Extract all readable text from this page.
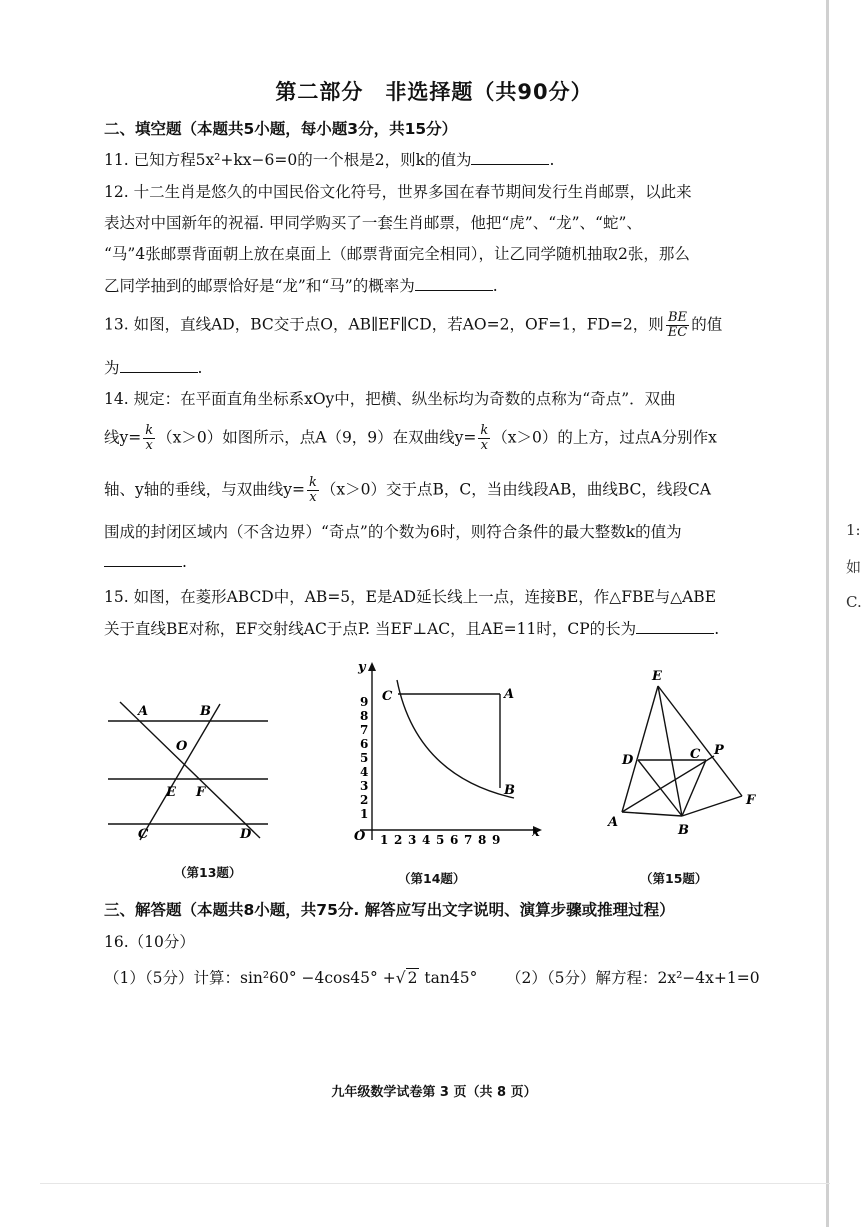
第二部分　非选择题（共90分）
二、填空题（本题共5小题，每小题3分，共15分）
11. 已知方程5x²+kx−6=0的一个根是2，则k的值为	.
12. 十二生肖是悠久的中国民俗文化符号，世界多国在春节期间发行生肖邮票，以此来
表达对中国新年的祝福. 甲同学购买了一套生肖邮票，他把“虎”、“龙”、“蛇”、
“马”4张邮票背面朝上放在桌面上（邮票背面完全相同），让乙同学随机抽取2张，那么
乙同学抽到的邮票恰好是“龙”和“马”的概率为	.
13. 如图，直线AD，BC交于点O，AB∥EF∥CD，若AO=2，OF=1，FD=2，则 $\frac{BE}{EC}$ 的值
为	.
14. 规定：在平面直角坐标系xOy中，把横、纵坐标均为奇数的点称为“奇点”．双曲
线$y= \frac{k}{x} (x>0)$如图所示，点A（9，9）在双曲线$y= \frac{k}{x} (x>0)$的上方，过点A分别作x
轴、y轴的垂线，与双曲线$y= \frac{k}{x} (x>0)$交于点B，C，当由线段AB，曲线BC，线段CA
围成的封闭区域内（不含边界）“奇点”的个数为6时，则符合条件的最大整数k的值为
.
15. 如图，在菱形ABCD中，AB=5，E是AD延长线上一点，连接BE，作△FBE与△ABE
关于直线BE对称，EF交射线AC于点P. 当EF⊥AC，且AE=11时，CP的长为	.
1:
如
C.
A	B
O
E F
C	D
（第13题）
y
x
O
1
2
3
4
5
6
7
8
9
1 2 3 4 5 6 7 8 9
C	A
B
（第14题）
E
D	C P
F
A
B
（第15题）
三、解答题（本题共8小题，共75分. 解答应写出文字说明、演算步骤或推理过程）
16.（10分）
（1）（5分）计算：sin²60° −4cos45° +√ 2 tan45° （2）（5分）解方程：2x²−4x+1=0
九年级数学试卷第 3 页（共 8 页）
